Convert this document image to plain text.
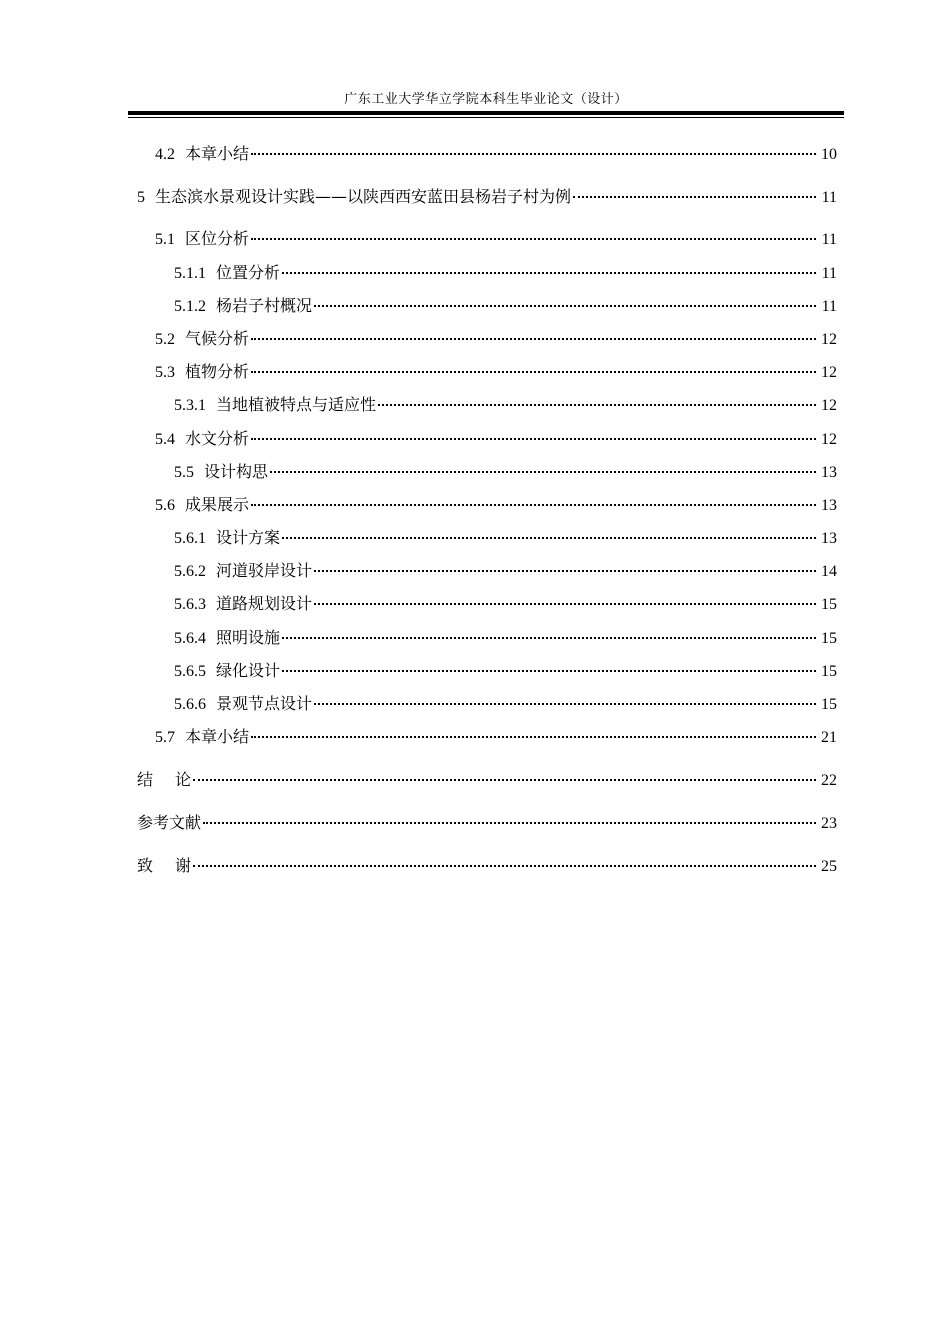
广东工业大学华立学院本科生毕业论文（设计）
4.2 本章小结	10
5 生态滨水景观设计实践——以陕西西安蓝田县杨岩子村为例	11
5.1 区位分析	11
5.1.1 位置分析	11
5.1.2 杨岩子村概况	11
5.2 气候分析	12
5.3 植物分析	12
5.3.1 当地植被特点与适应性	12
5.4 水文分析	12
5.5 设计构思	13
5.6 成果展示	13
5.6.1 设计方案	13
5.6.2 河道驳岸设计	14
5.6.3 道路规划设计	15
5.6.4 照明设施	15
5.6.5 绿化设计	15
5.6.6 景观节点设计	15
5.7 本章小结	21
结论	22
参考文献	23
致谢	25
